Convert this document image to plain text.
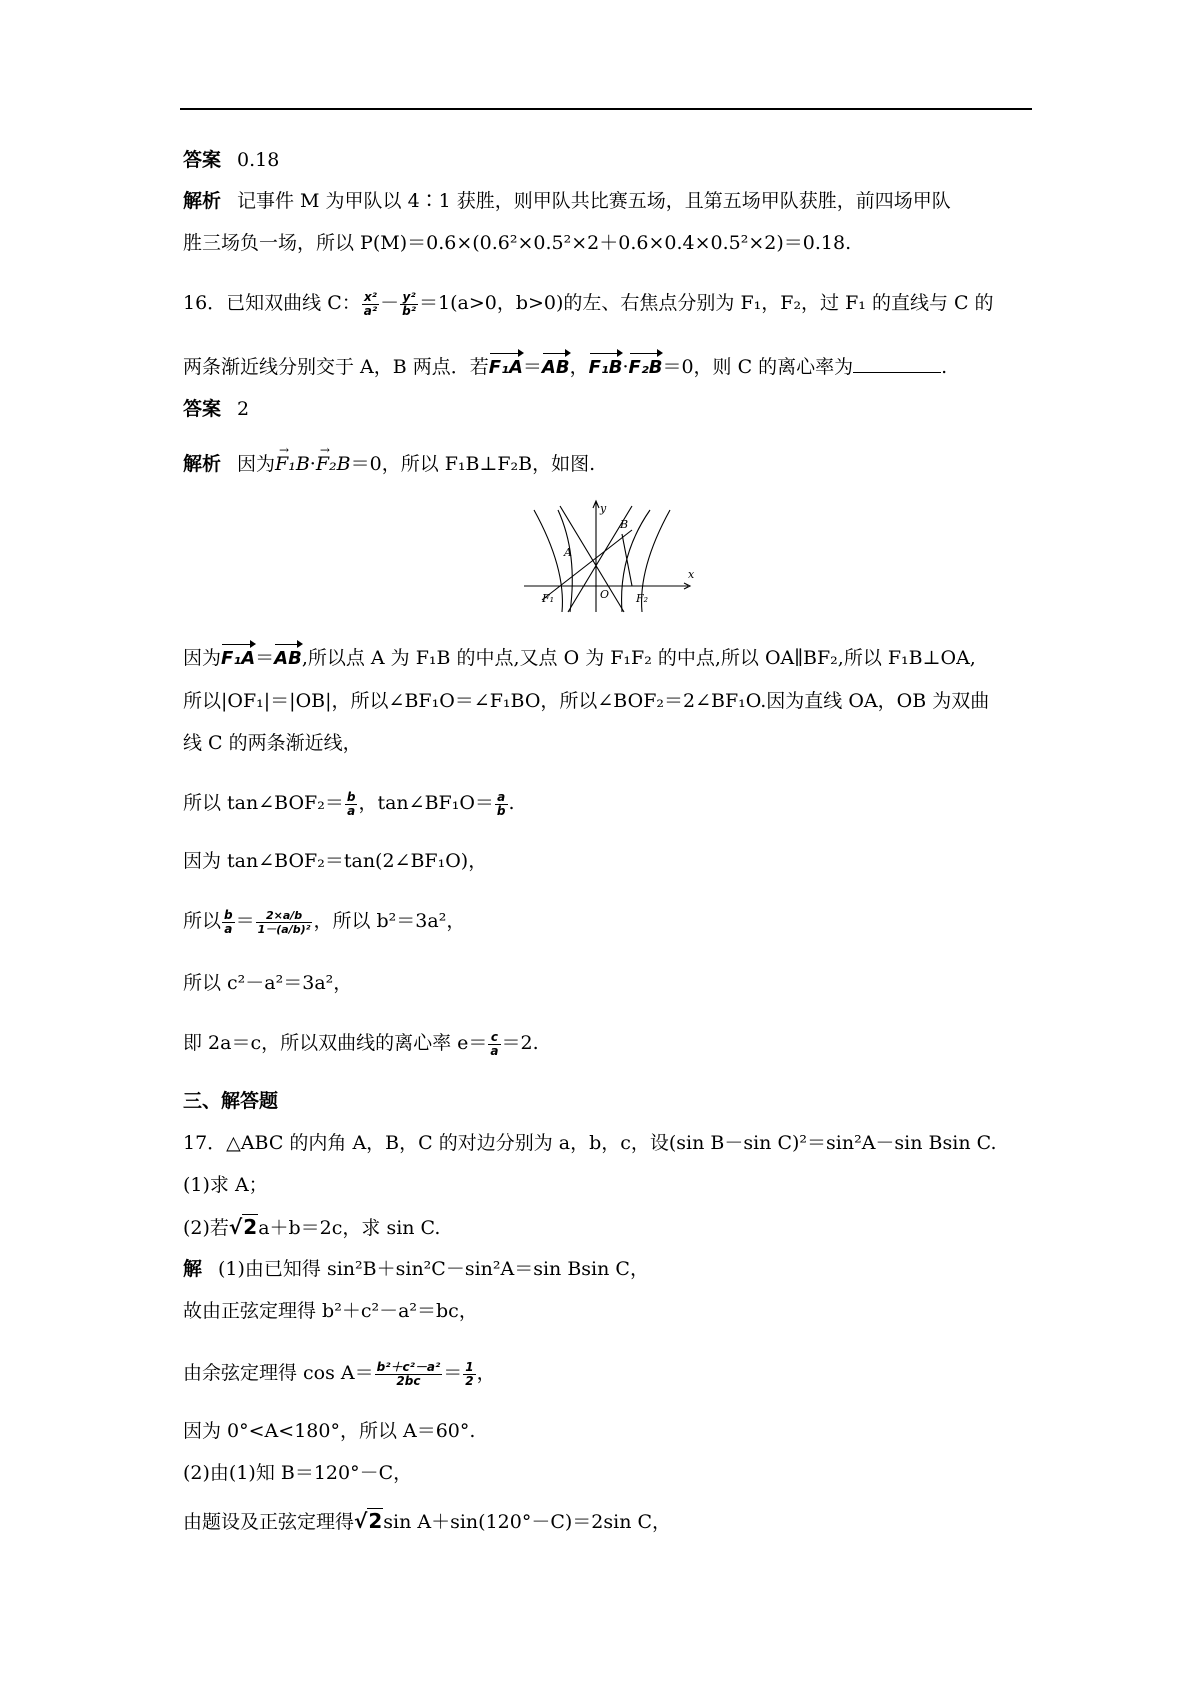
答案 0.18
解析 记事件 M 为甲队以 4∶1 获胜，则甲队共比赛五场，且第五场甲队获胜，前四场甲队
胜三场负一场，所以 P(M)＝0.6×(0.6²×0.5²×2＋0.6×0.4×0.5²×2)＝0.18.
16．已知双曲线 C： $\frac{\text{x²}}{\text{a²}} - \frac{\text{y²}}{\text{b²}} =1(a>0$，b>0)的左、右焦点分别为 F₁，F₂，过 F₁ 的直线与 C 的
两条渐近线分别交于 A，B 两点．若F₁A＝AB，F₁B·F₂B＝0，则 C 的离心率为	.
答案 2
解析 因为F₁B →·F₂B →＝0，所以 F₁B⊥F₂B，如图.
y
x
B
A
F₁	O F₂
因为F₁A＝AB,所以点 A 为 F₁B 的中点,又点 O 为 F₁F₂ 的中点,所以 OA∥BF₂,所以 F₁B⊥OA,
所以|OF₁|＝|OB|，所以∠BF₁O＝∠F₁BO，所以∠BOF₂＝2∠BF₁O.因为直线 OA，OB 为双曲
线 C 的两条渐近线，
所以 tan∠BOF₂＝ $\frac{b}{a}$ ，tan∠BF₁O＝ $\frac{a}{b}$ .
因为 tan∠BOF₂＝tan(2∠BF₁O)，
所以 $\frac{b}{a} = \frac{2\times a/b}{\text{1－(a/b)²}}$ ，所以 b²＝3a²，
所以 c²－a²＝3a²，
即 2a＝c，所以双曲线的离心率 $e= \frac{c}{a} =2$.
三、解答题
17．△ABC 的内角 A，B，C 的对边分别为 a，b，c，设(sin B－sin C)²＝sin²A－sin Bsin C.
(1)求 A；
(2)若√2a＋b＝2c，求 sin C.
解 (1)由已知得 sin²B＋sin²C－sin²A＝sin Bsin C，
故由正弦定理得 b²＋c²－a²＝bc，
由余弦定理得 $\cos A= \frac{\text{b²＋c²－a²}}{2bc} = \frac{1}{2}$ ，
因为 0°<A<180°，所以 A＝60°.
(2)由(1)知 B＝120°－C，
由题设及正弦定理得√2sin A＋sin(120°－C)＝2sin C，
